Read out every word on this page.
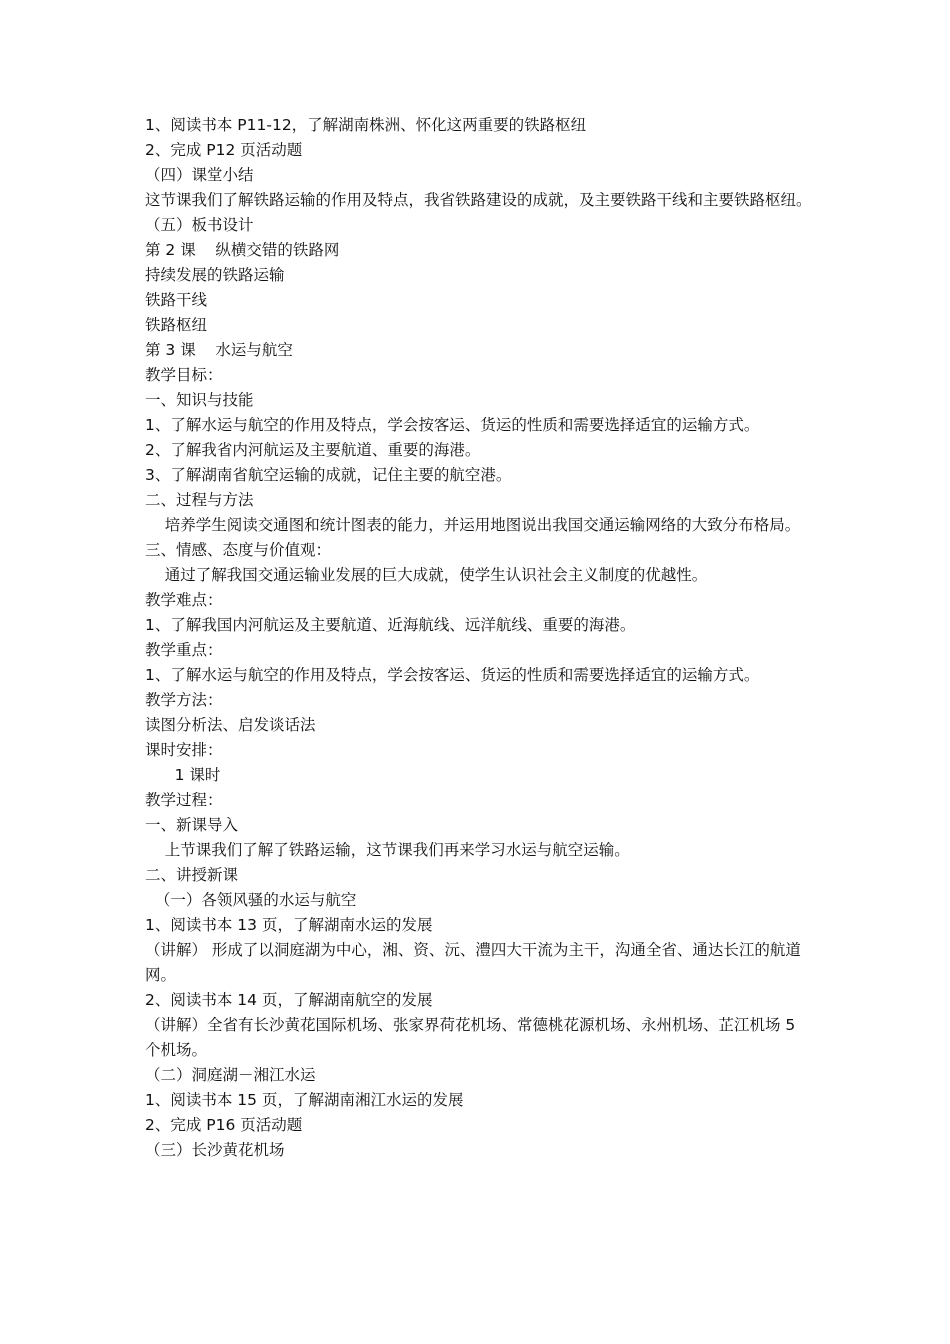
1、阅读书本 P11-12，了解湖南株洲、怀化这两重要的铁路枢纽
2、完成 P12 页活动题
（四）课堂小结
这节课我们了解铁路运输的作用及特点，我省铁路建设的成就，及主要铁路干线和主要铁路枢纽。
（五）板书设计
第 2 课    纵横交错的铁路网
持续发展的铁路运输
铁路干线
铁路枢纽
第 3 课    水运与航空
教学目标：
一、知识与技能
1、了解水运与航空的作用及特点，学会按客运、货运的性质和需要选择适宜的运输方式。
2、了解我省内河航运及主要航道、重要的海港。
3、了解湖南省航空运输的成就，记住主要的航空港。
二、过程与方法
培养学生阅读交通图和统计图表的能力，并运用地图说出我国交通运输网络的大致分布格局。
三、情感、态度与价值观：
通过了解我国交通运输业发展的巨大成就，使学生认识社会主义制度的优越性。
教学难点：
1、了解我国内河航运及主要航道、近海航线、远洋航线、重要的海港。
教学重点：
1、了解水运与航空的作用及特点，学会按客运、货运的性质和需要选择适宜的运输方式。
教学方法：
读图分析法、启发谈话法
课时安排：
1 课时
教学过程：
一、新课导入
上节课我们了解了铁路运输，这节课我们再来学习水运与航空运输。
二、讲授新课
（一）各领风骚的水运与航空
1、阅读书本 13 页，了解湖南水运的发展
（讲解） 形成了以洞庭湖为中心，湘、资、沅、澧四大干流为主干，沟通全省、通达长江的航道网。
2、阅读书本 14 页，了解湖南航空的发展
（讲解）全省有长沙黄花国际机场、张家界荷花机场、常德桃花源机场、永州机场、芷江机场 5 个机场。
（二）洞庭湖－湘江水运
1、阅读书本 15 页，了解湖南湘江水运的发展
2、完成 P16 页活动题
（三）长沙黄花机场
